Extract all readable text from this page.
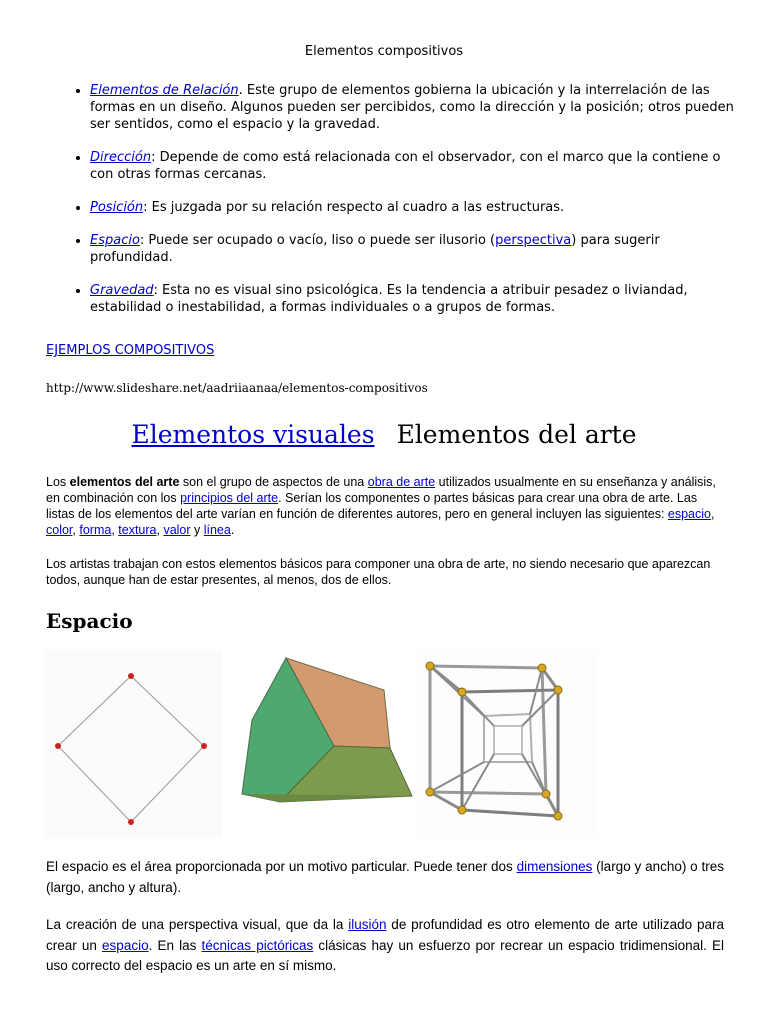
Elementos compositivos
• Elementos de Relación. Este grupo de elementos gobierna la ubicación y la interrelación de las formas en un diseño. Algunos pueden ser percibidos, como la dirección y la posición; otros pueden ser sentidos, como el espacio y la gravedad.
• Dirección: Depende de como está relacionada con el observador, con el marco que la contiene o con otras formas cercanas.
• Posición: Es juzgada por su relación respecto al cuadro a las estructuras.
• Espacio: Puede ser ocupado o vacío, liso o puede ser ilusorio (perspectiva) para sugerir profundidad.
• Gravedad: Esta no es visual sino psicológica. Es la tendencia a atribuir pesadez o liviandad, estabilidad o inestabilidad, a formas individuales o a grupos de formas.
EJEMPLOS COMPOSITIVOS
http://www.slideshare.net/aadriiaanaa/elementos-compositivos
Elementos visuales Elementos del arte

Los elementos del arte son el grupo de aspectos de una obra de arte utilizados usualmente en su enseñanza y análisis, en combinación con los principios del arte. Serían los componentes o partes básicas para crear una obra de arte. Las listas de los elementos del arte varían en función de diferentes autores, pero en general incluyen las siguientes: espacio, color, forma, textura, valor y línea.

Los artistas trabajan con estos elementos básicos para componer una obra de arte, no siendo necesario que aparezcan todos, aunque han de estar presentes, al menos, dos de ellos.

Espacio

El espacio es el área proporcionada por un motivo particular. Puede tener dos dimensiones (largo y ancho) o tres (largo, ancho y altura).

La creación de una perspectiva visual, que da la ilusión de profundidad es otro elemento de arte utilizado para crear un espacio. En las técnicas pictóricas clásicas hay un esfuerzo por recrear un espacio tridimensional. El uso correcto del espacio es un arte en sí mismo.
